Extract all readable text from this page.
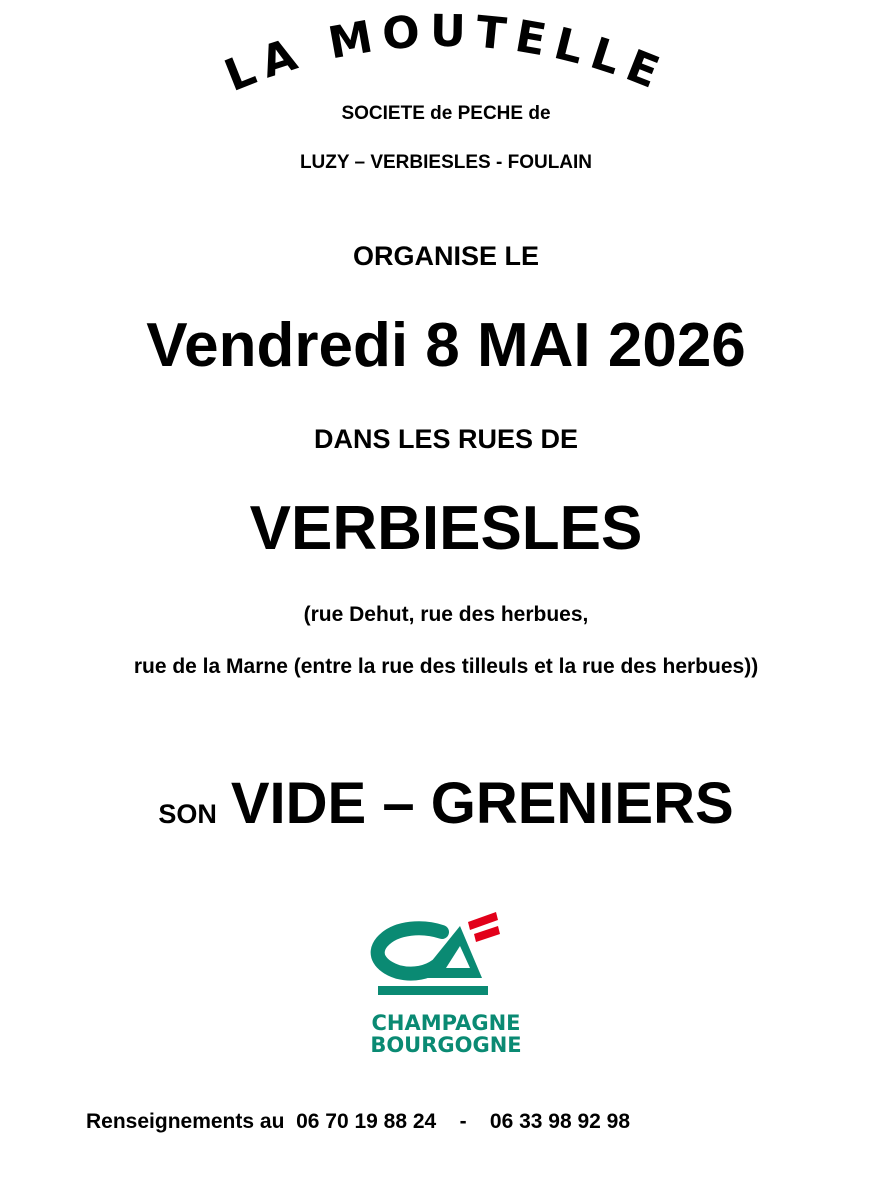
LA MOUTELLE
SOCIETE de PECHE de
LUZY – VERBIESLES - FOULAIN
ORGANISE LE
Vendredi 8 MAI 2026
DANS LES RUES DE
VERBIESLES
(rue Dehut, rue des herbues,
rue de la Marne (entre la rue des tilleuls et la rue des herbues))
SON VIDE – GRENIERS
CHAMPAGNE
BOURGOGNE
Renseignements au 06 70 19 88 24 - 06 33 98 92 98
